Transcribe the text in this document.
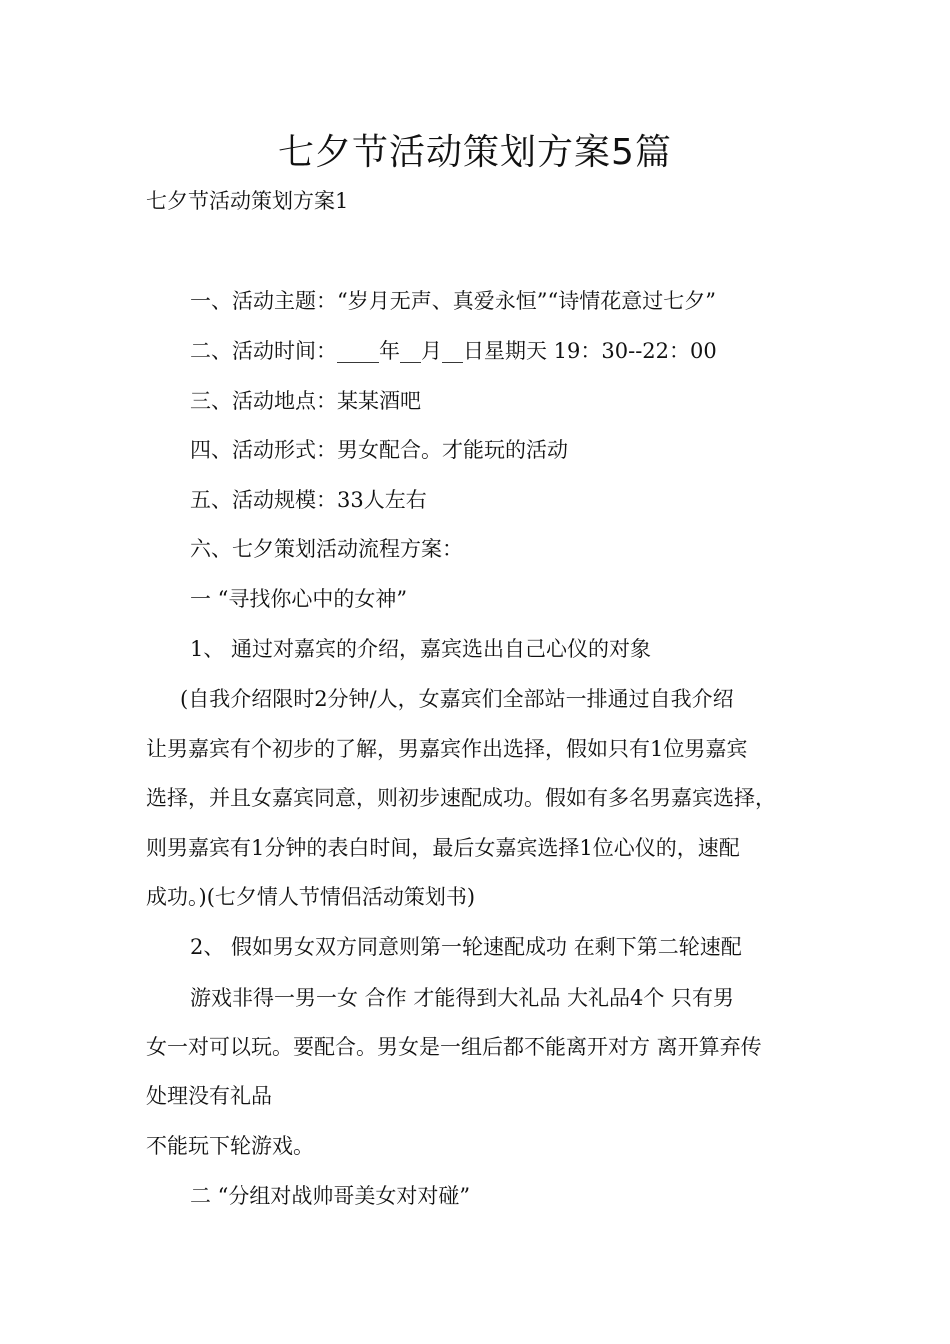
七夕节活动策划方案5篇
七夕节活动策划方案1
一、活动主题：“岁月无声、真爱永恒”“诗情花意过七夕”
二、活动时间：____年__月__日星期天 19：30--22：00
三、活动地点：某某酒吧
四、活动形式：男女配合。才能玩的活动
五、活动规模：33人左右
六、七夕策划活动流程方案：
一 “寻找你心中的女神”
1、 通过对嘉宾的介绍，嘉宾选出自己心仪的对象
(自我介绍限时2分钟/人，女嘉宾们全部站一排通过自我介绍
让男嘉宾有个初步的了解，男嘉宾作出选择，假如只有1位男嘉宾
选择，并且女嘉宾同意，则初步速配成功。假如有多名男嘉宾选择，
则男嘉宾有1分钟的表白时间，最后女嘉宾选择1位心仪的，速配
成功。)(七夕情人节情侣活动策划书)
2、 假如男女双方同意则第一轮速配成功 在剩下第二轮速配
游戏非得一男一女 合作 才能得到大礼品 大礼品4个 只有男
女一对可以玩。要配合。男女是一组后都不能离开对方 离开算弃传
处理没有礼品
不能玩下轮游戏。
二 “分组对战帅哥美女对对碰”
